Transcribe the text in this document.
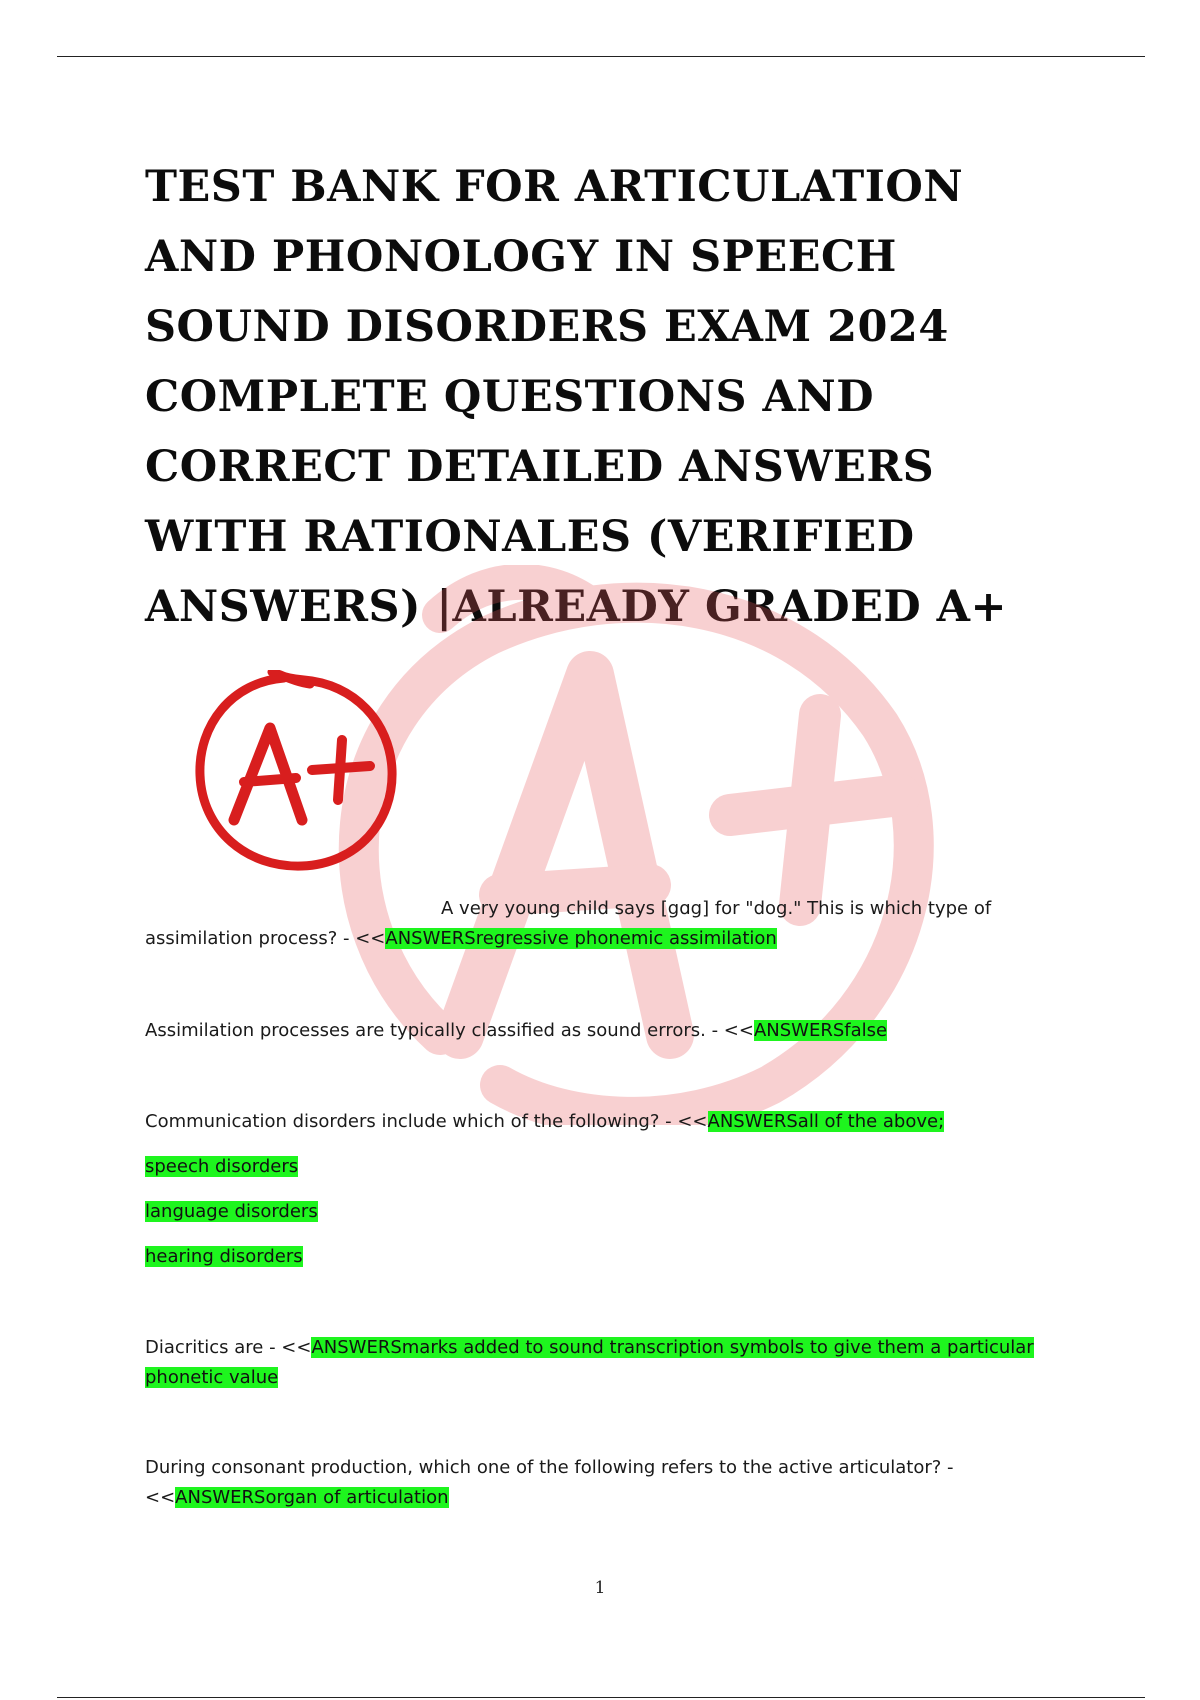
TEST BANK FOR ARTICULATION AND PHONOLOGY IN SPEECH SOUND DISORDERS EXAM 2024 COMPLETE QUESTIONS AND CORRECT DETAILED ANSWERS WITH RATIONALES (VERIFIED ANSWERS) |ALREADY GRADED A+
A very young child says [gɑg] for "dog." This is which type of
assimilation process? - <<ANSWERSregressive phonemic assimilation
Assimilation processes are typically classified as sound errors. - <<ANSWERSfalse
Communication disorders include which of the following? - <<ANSWERSall of the above;
speech disorders
language disorders
hearing disorders
Diacritics are - <<ANSWERSmarks added to sound transcription symbols to give them a particular
phonetic value
During consonant production, which one of the following refers to the active articulator? -
<<ANSWERSorgan of articulation
1
